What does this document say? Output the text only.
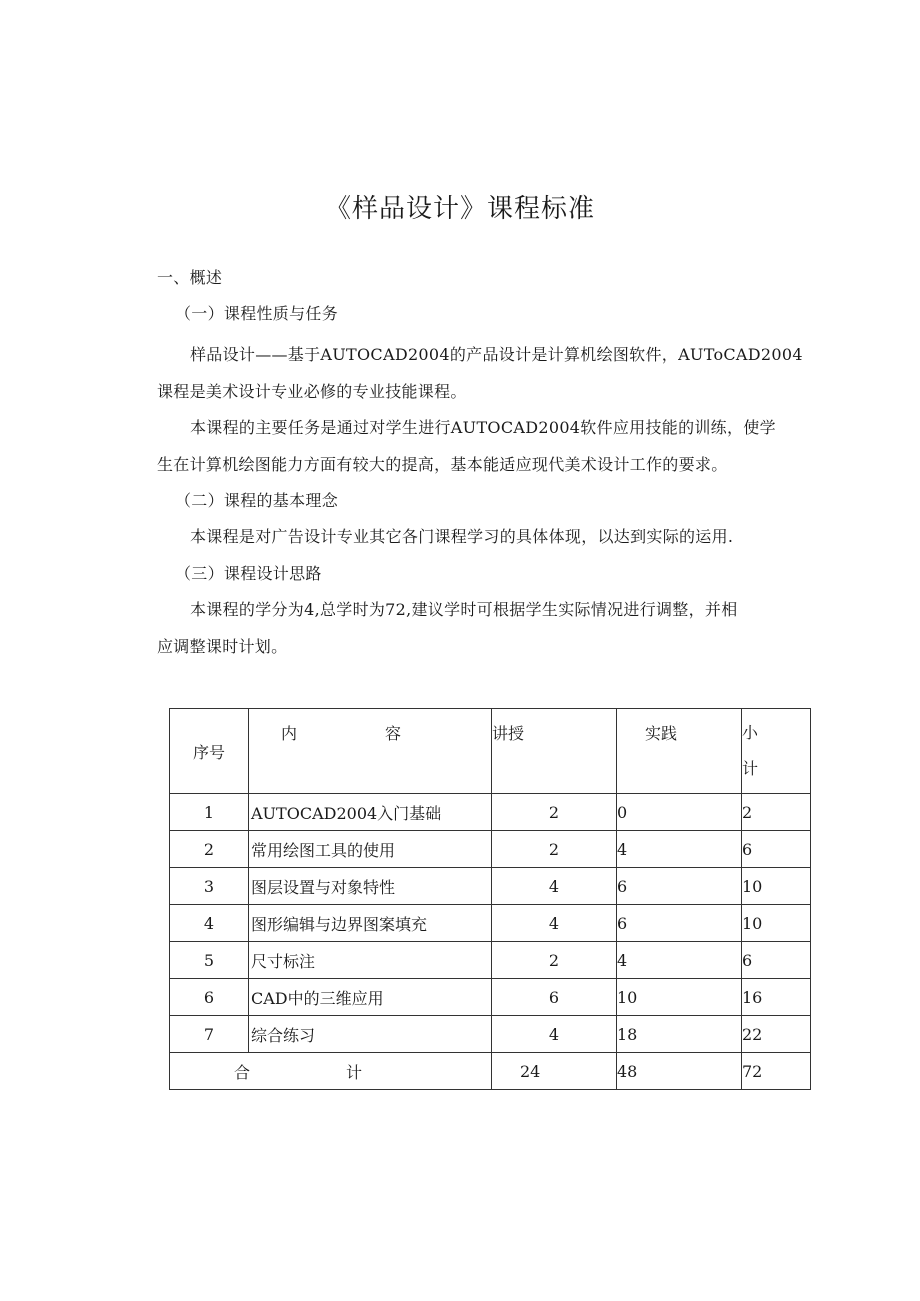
《样品设计》课程标准
一、概述
（一）课程性质与任务
样品设计——基于AUTOCAD2004的产品设计是计算机绘图软件，AUToCAD2004
课程是美术设计专业必修的专业技能课程。
本课程的主要任务是通过对学生进行AUTOCAD2004软件应用技能的训练，使学
生在计算机绘图能力方面有较大的提高，基本能适应现代美术设计工作的要求。
（二）课程的基本理念
本课程是对广告设计专业其它各门课程学习的具体体现，以达到实际的运用.
（三）课程设计思路
本课程的学分为4,总学时为72,建议学时可根据学生实际情况进行调整，并相
应调整课时计划。
序号	内 容	讲授	实践	小
计

1	AUTOCAD2004入门基础	2	0	2
2	常用绘图工具的使用	2	4	6
3	图层设置与对象特性	4	6	10
4	图形编辑与边界图案填充	4	6	10
5	尺寸标注	2	4	6
6	CAD中的三维应用	6	10	16
7	综合练习	4	18	22
合 计		24	48	72
